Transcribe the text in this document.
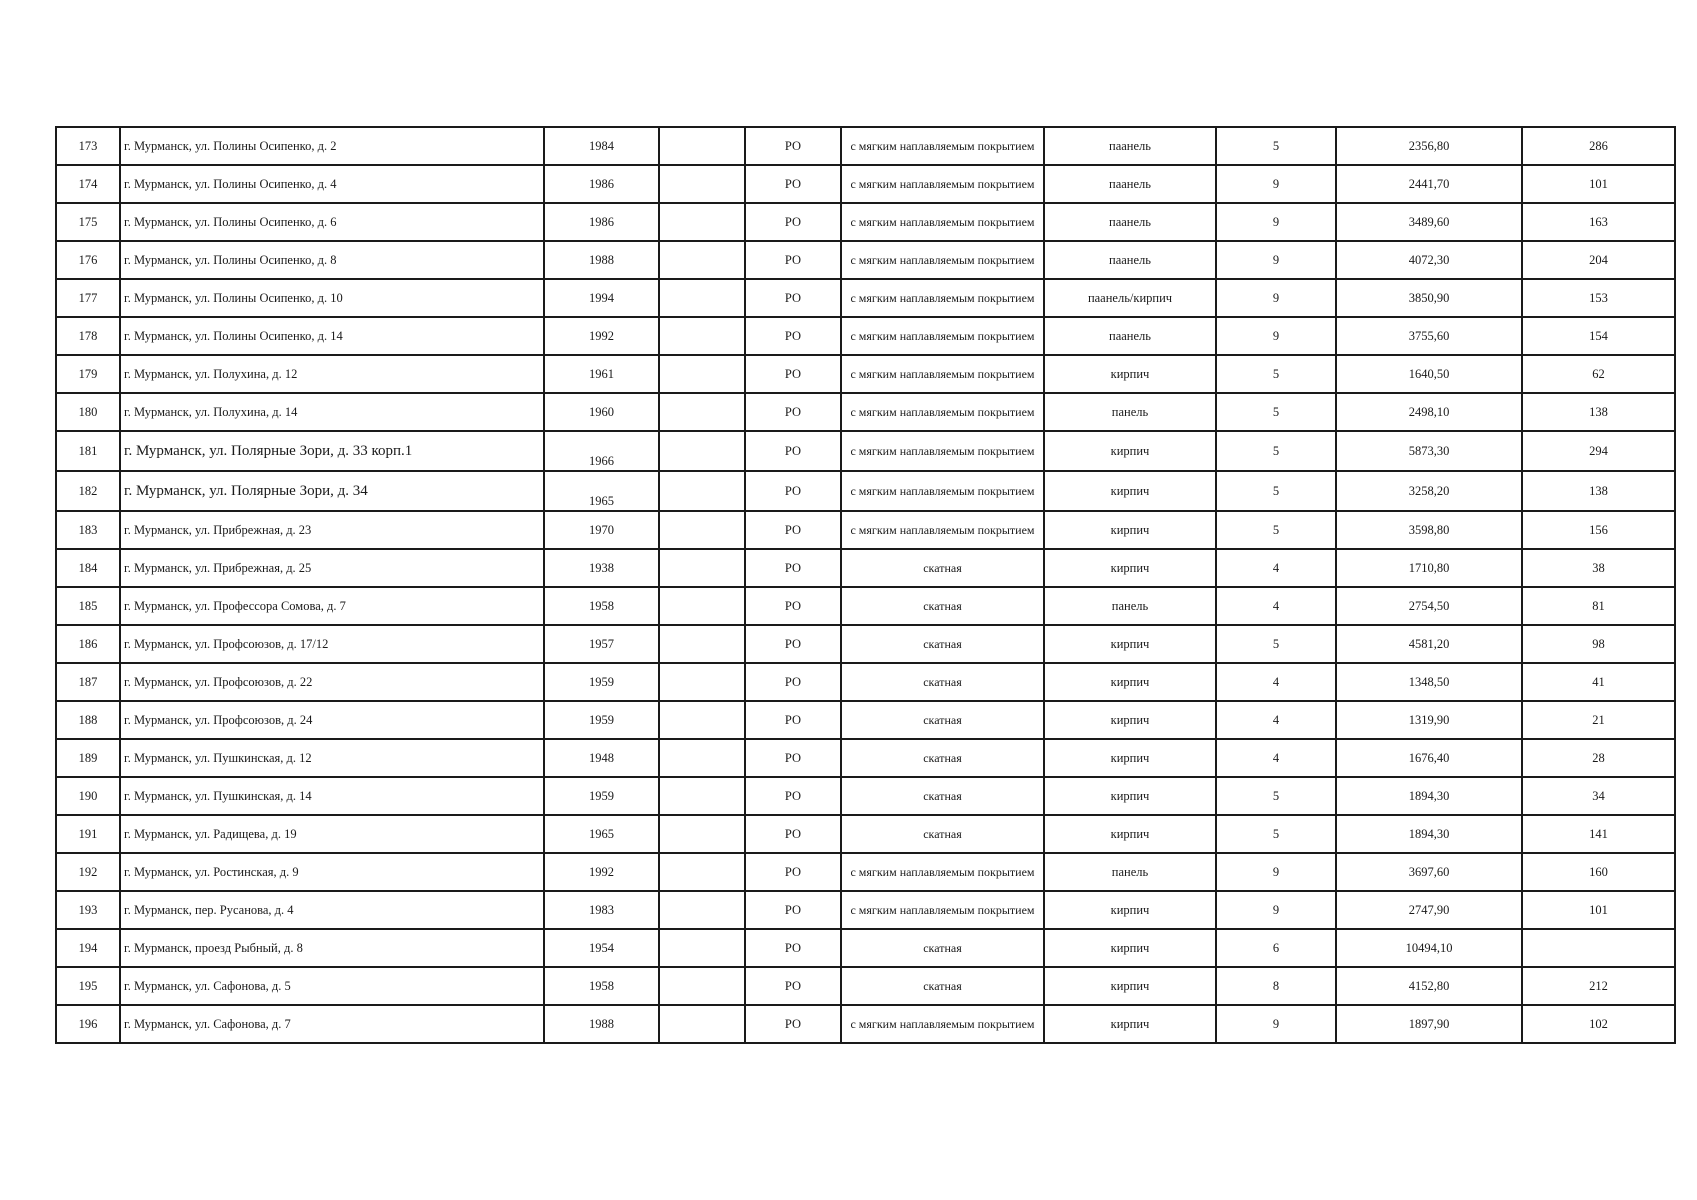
173	г. Мурманск, ул. Полины Осипенко, д. 2	1984		РО	с мягким наплавляемым покрытием	паанель	5	2356,80	286
174	г. Мурманск, ул. Полины Осипенко, д. 4	1986		РО	с мягким наплавляемым покрытием	паанель	9	2441,70	101
175	г. Мурманск, ул. Полины Осипенко, д. 6	1986		РО	с мягким наплавляемым покрытием	паанель	9	3489,60	163
176	г. Мурманск, ул. Полины Осипенко, д. 8	1988		РО	с мягким наплавляемым покрытием	паанель	9	4072,30	204
177	г. Мурманск, ул. Полины Осипенко, д. 10	1994		РО	с мягким наплавляемым покрытием	паанель/кирпич	9	3850,90	153
178	г. Мурманск, ул. Полины Осипенко, д. 14	1992		РО	с мягким наплавляемым покрытием	паанель	9	3755,60	154
179	г. Мурманск, ул. Полухина, д. 12	1961		РО	с мягким наплавляемым покрытием	кирпич	5	1640,50	62
180	г. Мурманск, ул. Полухина, д. 14	1960		РО	с мягким наплавляемым покрытием	панель	5	2498,10	138
181	г. Мурманск, ул. Полярные Зори, д. 33 корп.1	1966		РО	с мягким наплавляемым покрытием	кирпич	5	5873,30	294
182	г. Мурманск, ул. Полярные Зори, д. 34	1965		РО	с мягким наплавляемым покрытием	кирпич	5	3258,20	138
183	г. Мурманск, ул. Прибрежная, д. 23	1970		РО	с мягким наплавляемым покрытием	кирпич	5	3598,80	156
184	г. Мурманск, ул. Прибрежная, д. 25	1938		РО	скатная	кирпич	4	1710,80	38
185	г. Мурманск, ул. Профессора Сомова, д. 7	1958		РО	скатная	панель	4	2754,50	81
186	г. Мурманск, ул. Профсоюзов, д. 17/12	1957		РО	скатная	кирпич	5	4581,20	98
187	г. Мурманск, ул. Профсоюзов, д. 22	1959		РО	скатная	кирпич	4	1348,50	41
188	г. Мурманск, ул. Профсоюзов, д. 24	1959		РО	скатная	кирпич	4	1319,90	21
189	г. Мурманск, ул. Пушкинская, д. 12	1948		РО	скатная	кирпич	4	1676,40	28
190	г. Мурманск, ул. Пушкинская, д. 14	1959		РО	скатная	кирпич	5	1894,30	34
191	г. Мурманск, ул. Радищева, д. 19	1965		РО	скатная	кирпич	5	1894,30	141
192	г. Мурманск, ул. Ростинская, д. 9	1992		РО	с мягким наплавляемым покрытием	панель	9	3697,60	160
193	г. Мурманск, пер. Русанова, д. 4	1983		РО	с мягким наплавляемым покрытием	кирпич	9	2747,90	101
194	г. Мурманск, проезд Рыбный, д. 8	1954		РО	скатная	кирпич	6	10494,10	
195	г. Мурманск, ул. Сафонова, д. 5	1958		РО	скатная	кирпич	8	4152,80	212
196	г. Мурманск, ул. Сафонова, д. 7	1988		РО	с мягким наплавляемым покрытием	кирпич	9	1897,90	102
